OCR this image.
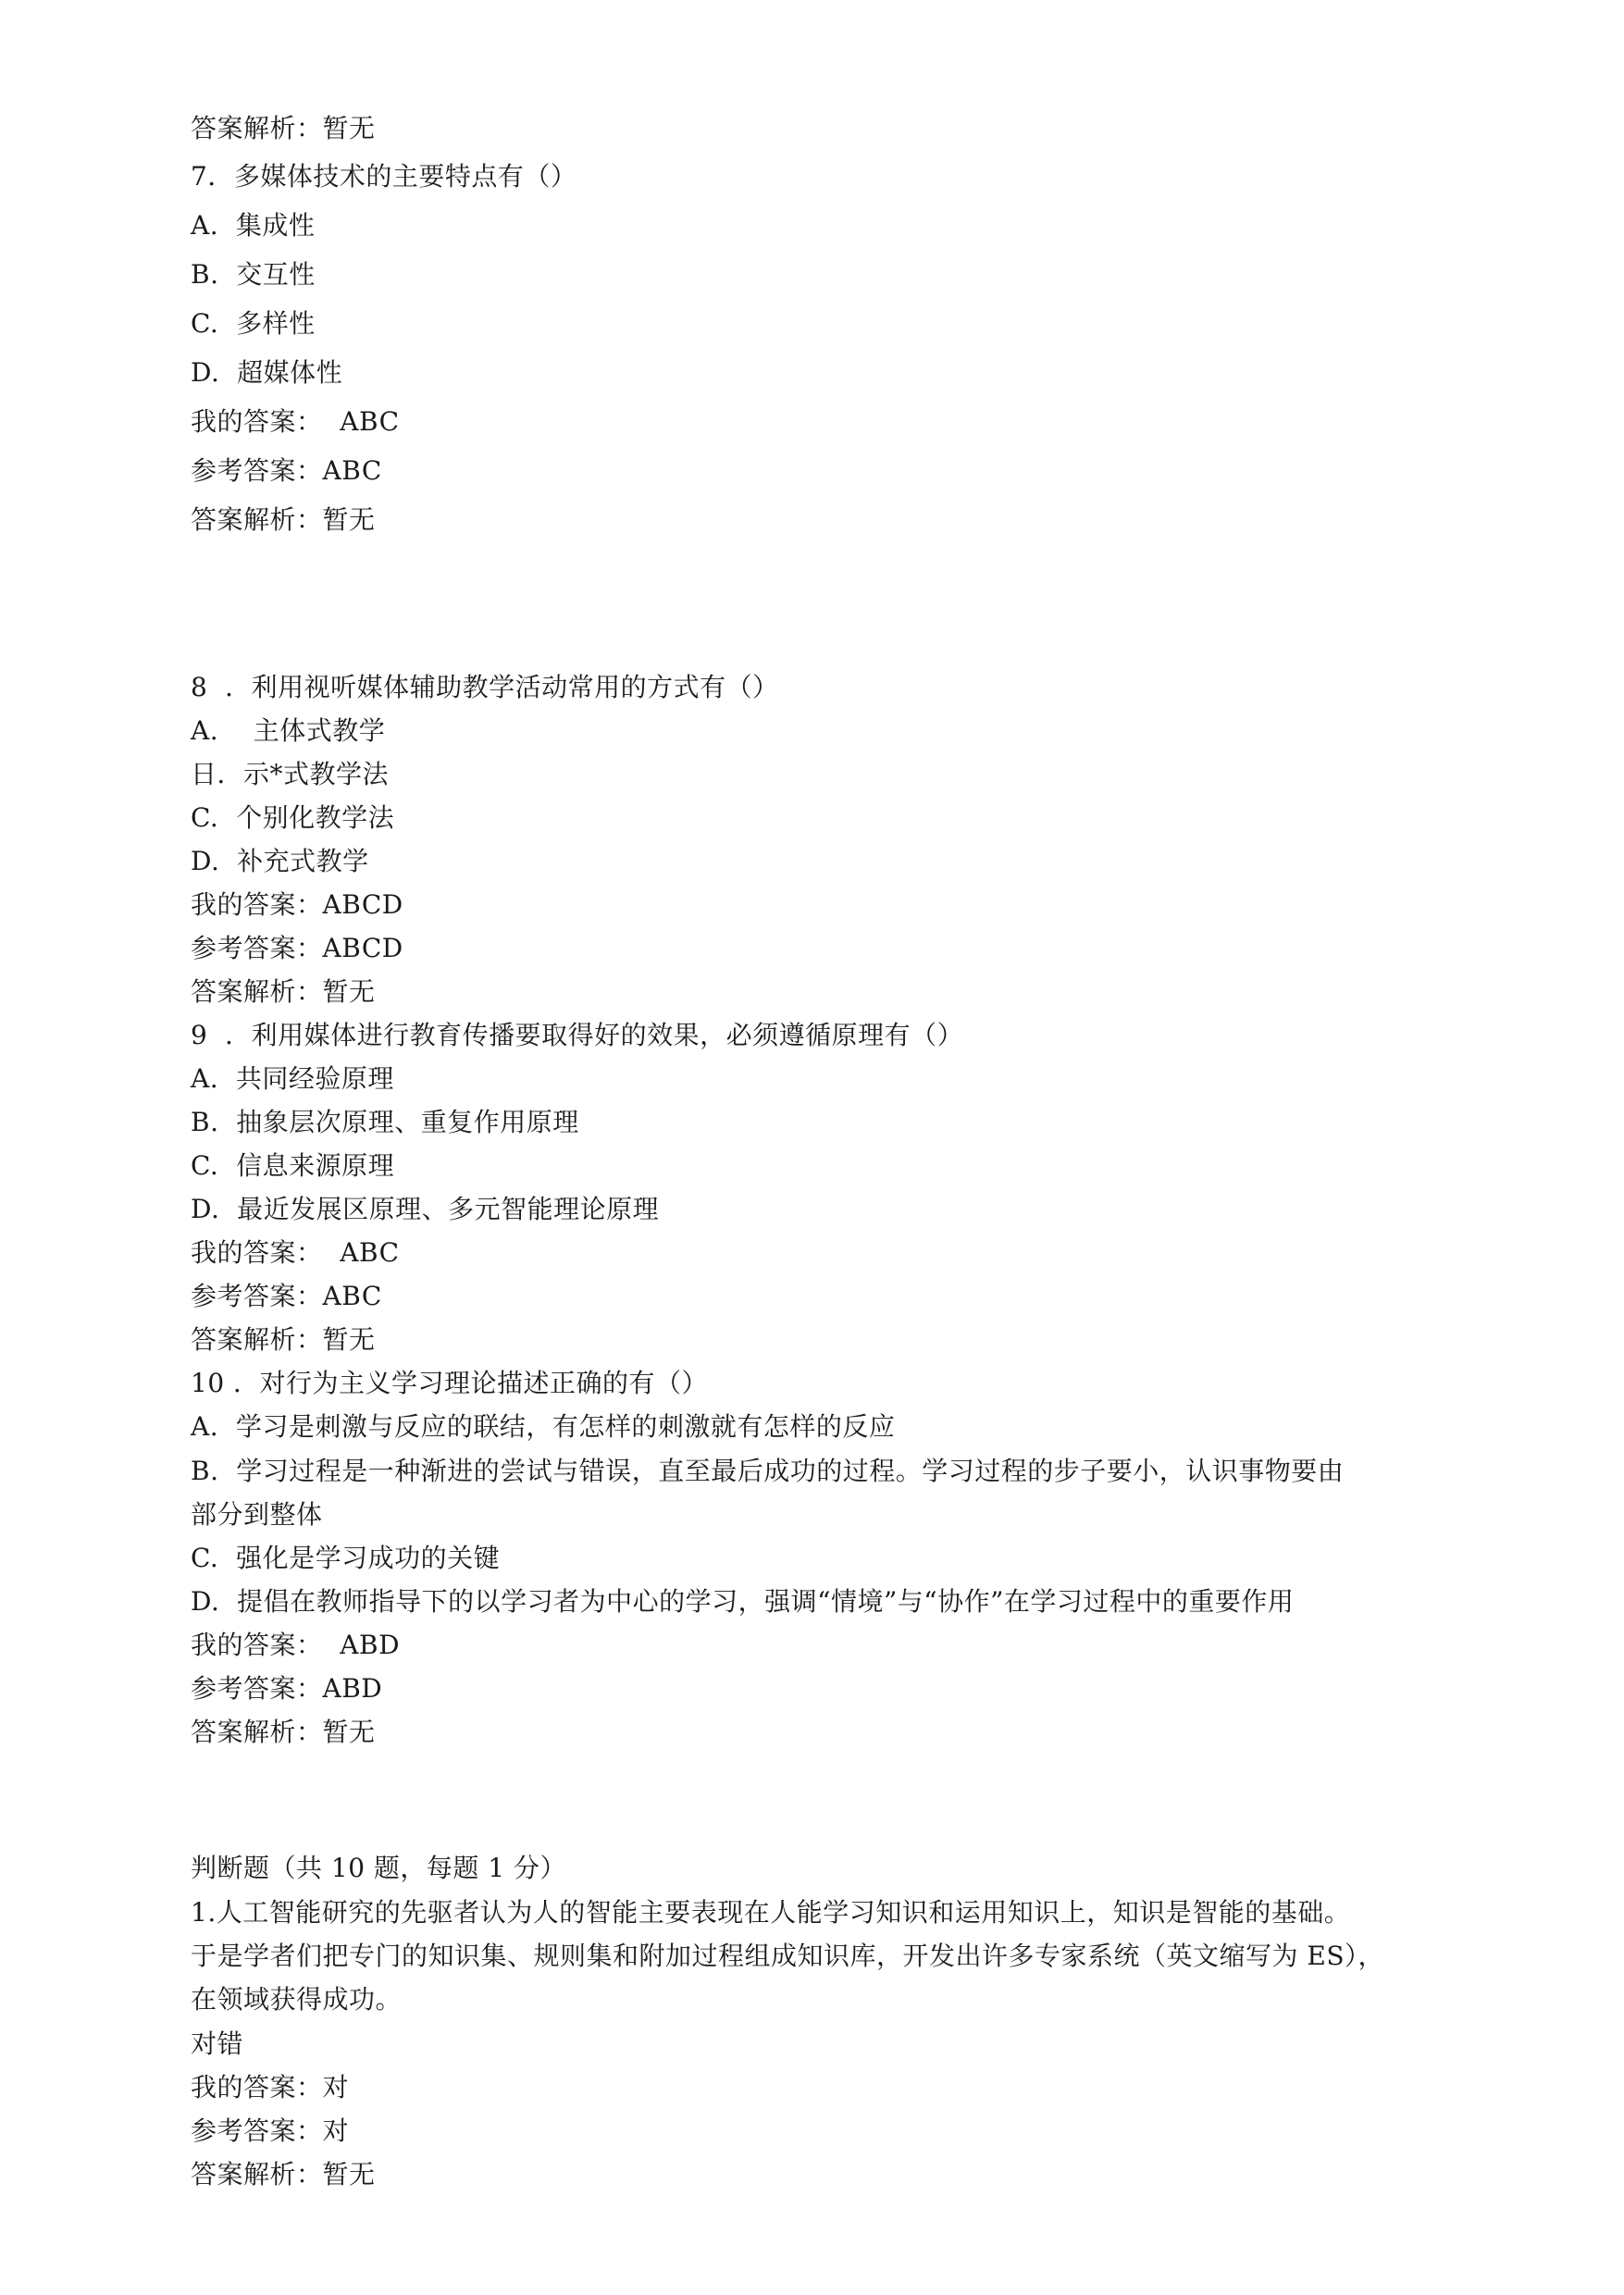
答案解析：暂无

7．多媒体技术的主要特点有（）

A.  集成性

B.  交互性

C.  多样性

D.  超媒体性

我的答案：  ABC

参考答案：ABC

答案解析：暂无

8  ．利用视听媒体辅助教学活动常用的方式有（）

A.    主体式教学

日．示*式教学法

C.  个别化教学法

D.  补充式教学

我的答案：ABCD

参考答案：ABCD

答案解析：暂无

9  ．利用媒体进行教育传播要取得好的效果，必须遵循原理有（）

A.  共同经验原理

B.  抽象层次原理、重复作用原理

C.  信息来源原理

D.  最近发展区原理、多元智能理论原理

我的答案：  ABC

参考答案：ABC

答案解析：暂无

10 ．对行为主义学习理论描述正确的有（）

A.  学习是刺激与反应的联结，有怎样的刺激就有怎样的反应

B.  学习过程是一种渐进的尝试与错误，直至最后成功的过程。学习过程的步子要小，认识事物要由

部分到整体

C.  强化是学习成功的关键

D.  提倡在教师指导下的以学习者为中心的学习，强调“情境”与“协作”在学习过程中的重要作用

我的答案：  ABD

参考答案：ABD

答案解析：暂无

判断题（共 10 题，每题 1 分）

1.人工智能研究的先驱者认为人的智能主要表现在人能学习知识和运用知识上，知识是智能的基础。

于是学者们把专门的知识集、规则集和附加过程组成知识库，开发出许多专家系统（英文缩写为 ES），

在领域获得成功。

对错

我的答案：对

参考答案：对

答案解析：暂无
